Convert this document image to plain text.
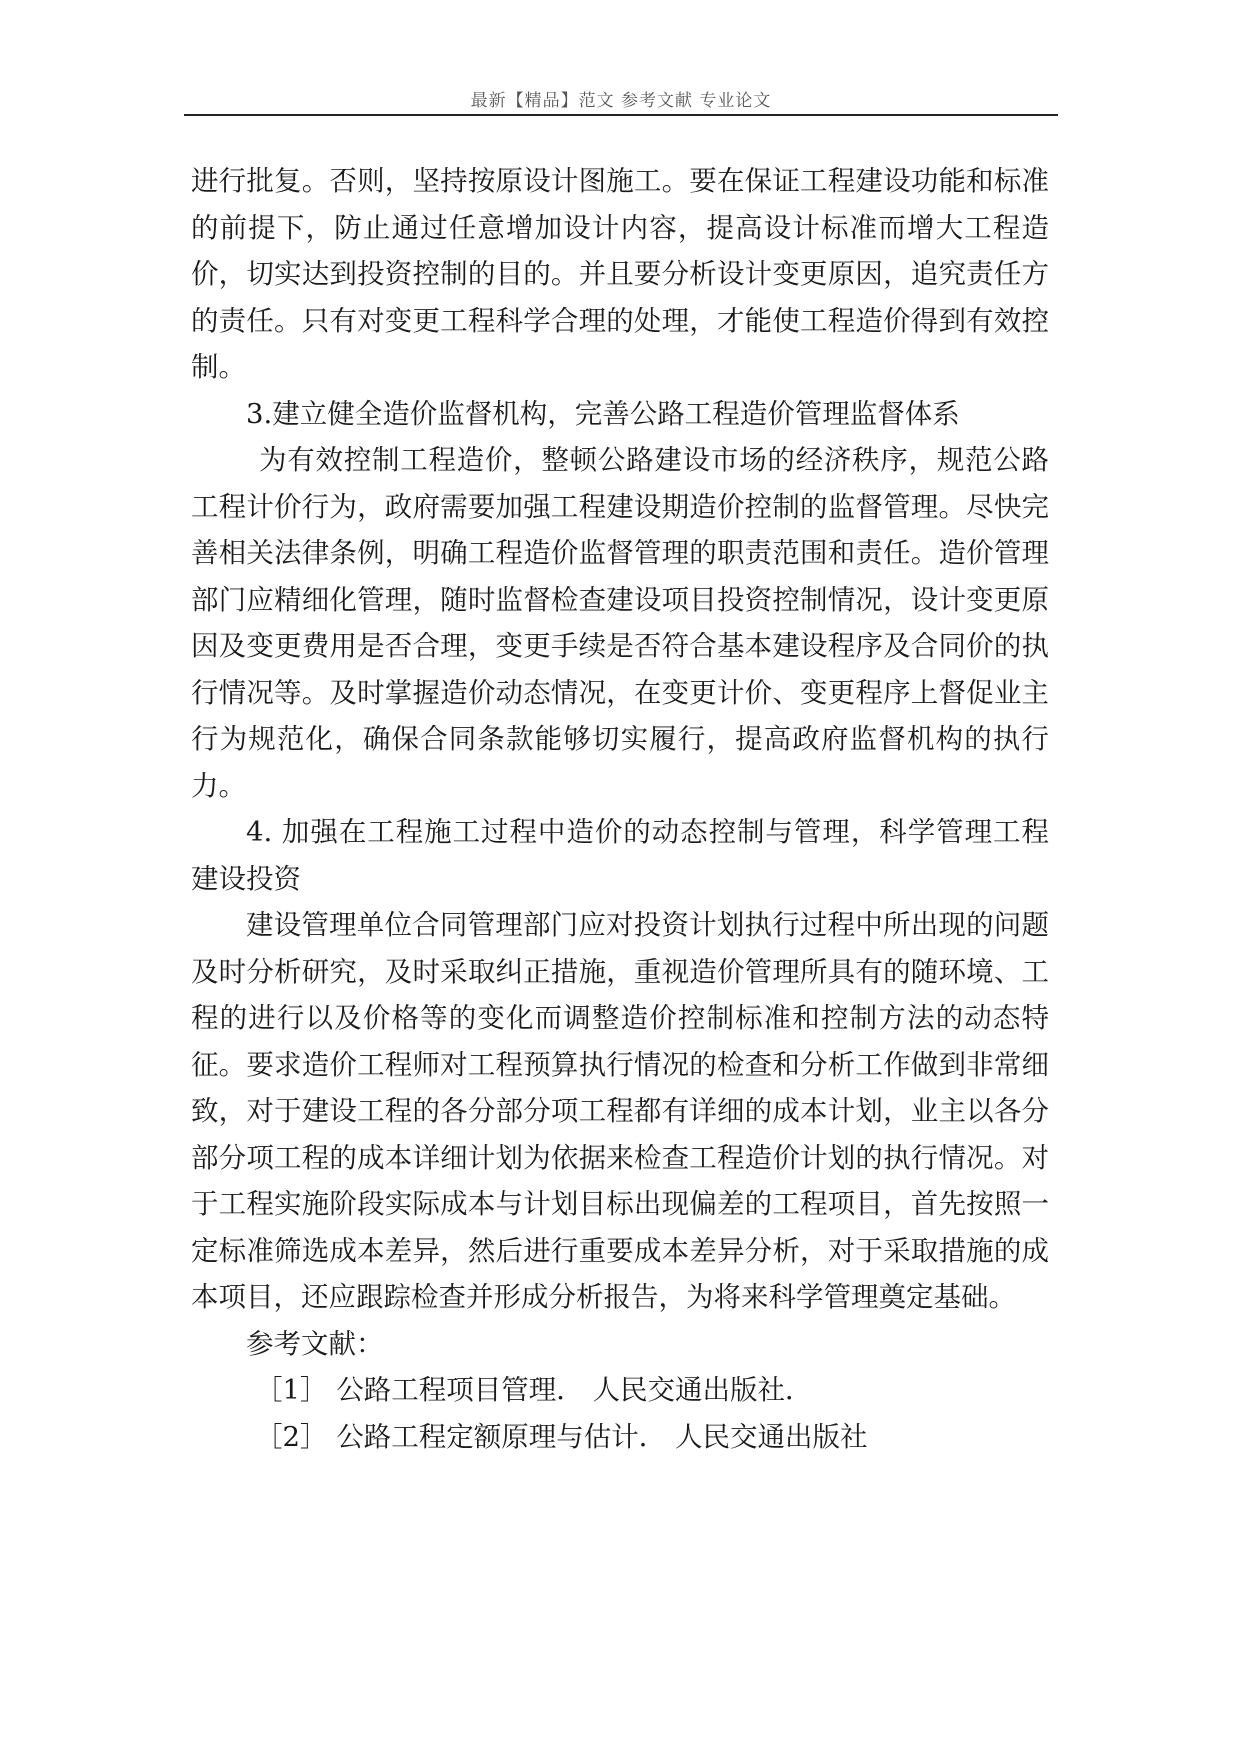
最新【精品】范文 参考文献 专业论文

进行批复。否则，坚持按原设计图施工。要在保证工程建设功能和标准的前提下，防止通过任意增加设计内容，提高设计标准而增大工程造价，切实达到投资控制的目的。并且要分析设计变更原因，追究责任方的责任。只有对变更工程科学合理的处理，才能使工程造价得到有效控制。

3.建立健全造价监督机构，完善公路工程造价管理监督体系

为有效控制工程造价，整顿公路建设市场的经济秩序，规范公路工程计价行为，政府需要加强工程建设期造价控制的监督管理。尽快完善相关法律条例，明确工程造价监督管理的职责范围和责任。造价管理部门应精细化管理，随时监督检查建设项目投资控制情况，设计变更原因及变更费用是否合理，变更手续是否符合基本建设程序及合同价的执行情况等。及时掌握造价动态情况，在变更计价、变更程序上督促业主行为规范化，确保合同条款能够切实履行，提高政府监督机构的执行力。

4. 加强在工程施工过程中造价的动态控制与管理，科学管理工程建设投资

建设管理单位合同管理部门应对投资计划执行过程中所出现的问题及时分析研究，及时采取纠正措施，重视造价管理所具有的随环境、工程的进行以及价格等的变化而调整造价控制标准和控制方法的动态特征。要求造价工程师对工程预算执行情况的检查和分析工作做到非常细致，对于建设工程的各分部分项工程都有详细的成本计划，业主以各分部分项工程的成本详细计划为依据来检查工程造价计划的执行情况。对于工程实施阶段实际成本与计划目标出现偏差的工程项目，首先按照一定标准筛选成本差异，然后进行重要成本差异分析，对于采取措施的成本项目，还应跟踪检查并形成分析报告，为将来科学管理奠定基础。

参考文献：

［1］ 公路工程项目管理． 人民交通出版社．

［2］ 公路工程定额原理与估计． 人民交通出版社
